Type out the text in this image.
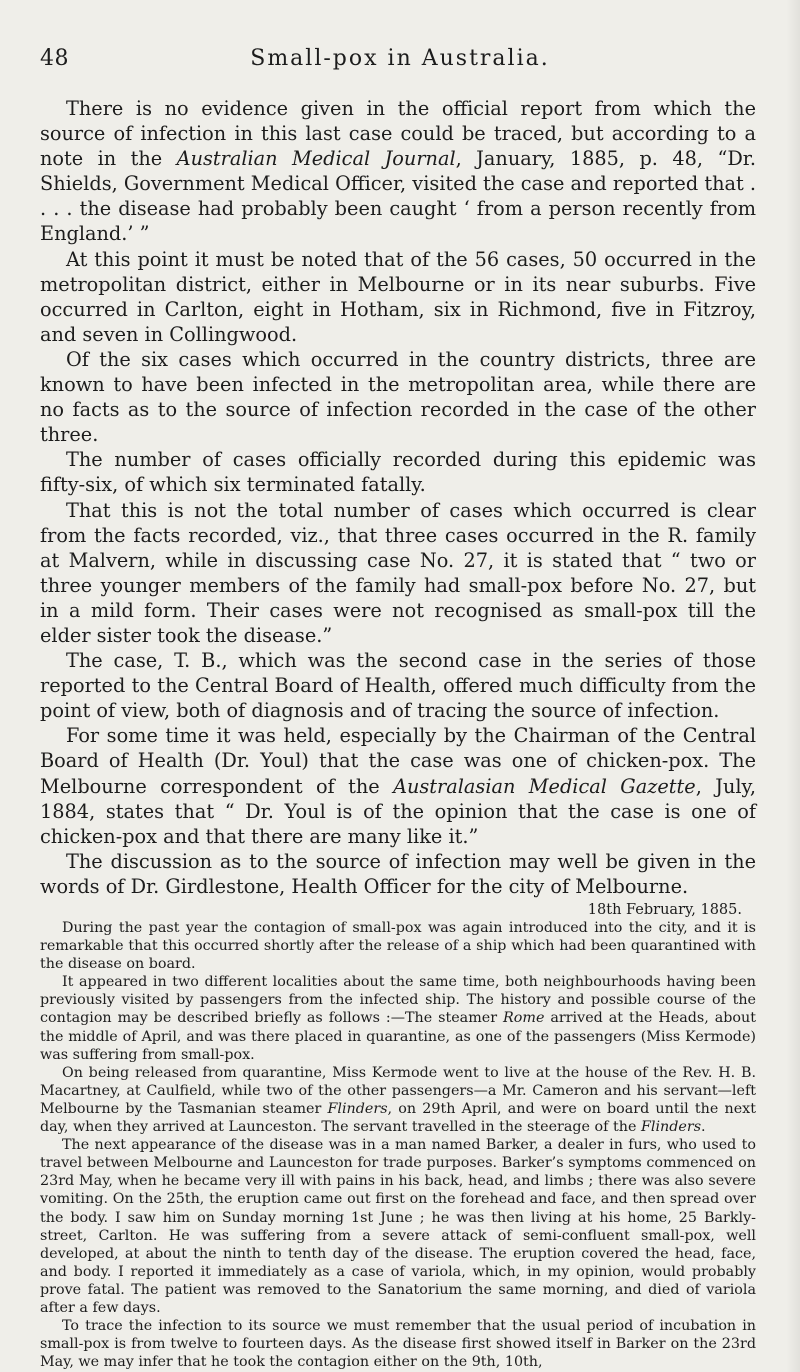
48	Small-pox in Australia.

There is no evidence given in the official report from which the source of infection in this last case could be traced, but according to a note in the Australian Medical Journal, January, 1885, p. 48, “Dr. Shields, Government Medical Officer, visited the case and reported that . . . . the disease had probably been caught ‘ from a person recently from England.’ ”

At this point it must be noted that of the 56 cases, 50 occurred in the metropolitan district, either in Melbourne or in its near suburbs. Five occurred in Carlton, eight in Hotham, six in Richmond, five in Fitzroy, and seven in Collingwood.

Of the six cases which occurred in the country districts, three are known to have been infected in the metropolitan area, while there are no facts as to the source of infection recorded in the case of the other three.

The number of cases officially recorded during this epidemic was fifty-six, of which six terminated fatally.

That this is not the total number of cases which occurred is clear from the facts recorded, viz., that three cases occurred in the R. family at Malvern, while in discussing case No. 27, it is stated that “ two or three younger members of the family had small-pox before No. 27, but in a mild form. Their cases were not recognised as small-pox till the elder sister took the disease.”

The case, T. B., which was the second case in the series of those reported to the Central Board of Health, offered much difficulty from the point of view, both of diagnosis and of tracing the source of infection.

For some time it was held, especially by the Chairman of the Central Board of Health (Dr. Youl) that the case was one of chicken-pox. The Melbourne correspondent of the Australasian Medical Gazette, July, 1884, states that “ Dr. Youl is of the opinion that the case is one of chicken-pox and that there are many like it.”

The discussion as to the source of infection may well be given in the words of Dr. Girdlestone, Health Officer for the city of Melbourne.

18th February, 1885.

During the past year the contagion of small-pox was again introduced into the city, and it is remarkable that this occurred shortly after the release of a ship which had been quarantined with the disease on board.

It appeared in two different localities about the same time, both neighbourhoods having been previously visited by passengers from the infected ship. The history and possible course of the contagion may be described briefly as follows :—The steamer Rome arrived at the Heads, about the middle of April, and was there placed in quarantine, as one of the passengers (Miss Kermode) was suffering from small-pox.

On being released from quarantine, Miss Kermode went to live at the house of the Rev. H. B. Macartney, at Caulfield, while two of the other passengers—a Mr. Cameron and his servant—left Melbourne by the Tasmanian steamer Flinders, on 29th April, and were on board until the next day, when they arrived at Launceston. The servant travelled in the steerage of the Flinders.

The next appearance of the disease was in a man named Barker, a dealer in furs, who used to travel between Melbourne and Launceston for trade purposes. Barker’s symptoms commenced on 23rd May, when he became very ill with pains in his back, head, and limbs ; there was also severe vomiting. On the 25th, the eruption came out first on the forehead and face, and then spread over the body. I saw him on Sunday morning 1st June ; he was then living at his home, 25 Barkly-street, Carlton. He was suffering from a severe attack of semi-confluent small-pox, well developed, at about the ninth to tenth day of the disease. The eruption covered the head, face, and body. I reported it immediately as a case of variola, which, in my opinion, would probably prove fatal. The patient was removed to the Sanatorium the same morning, and died of variola after a few days.

To trace the infection to its source we must remember that the usual period of incubation in small-pox is from twelve to fourteen days. As the disease first showed itself in Barker on the 23rd May, we may infer that he took the contagion either on the 9th, 10th,
